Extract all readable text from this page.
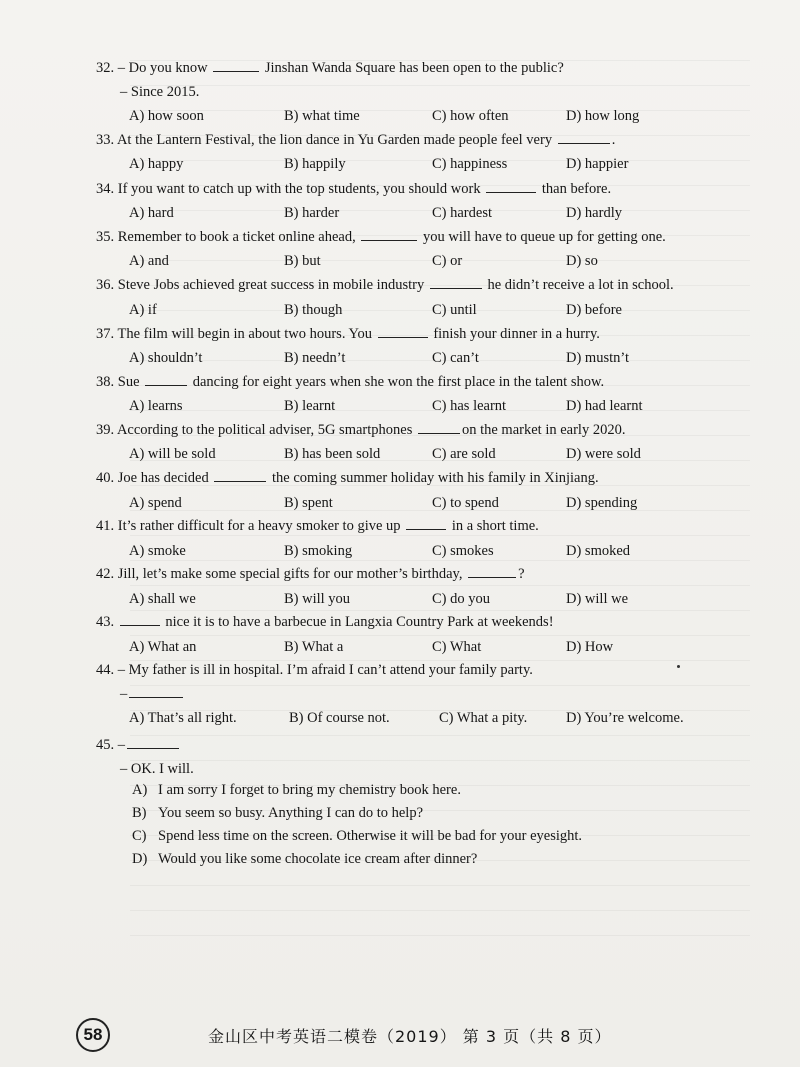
32. – Do you know	Jinshan Wanda Square has been open to the public?
– Since 2015.
A) how soon	B) what time	C) how often	D) how long
33. At the Lantern Festival, the lion dance in Yu Garden made people feel very	.
A) happy	B) happily	C) happiness	D) happier
34. If you want to catch up with the top students, you should work	than before.
A) hard	B) harder	C) hardest	D) hardly
35. Remember to book a ticket online ahead,	you will have to queue up for getting one.
A) and	B) but	C) or	D) so
36. Steve Jobs achieved great success in mobile industry	he didn’t receive a lot in school.
A) if	B) though	C) until	D) before
37. The film will begin in about two hours. You	finish your dinner in a hurry.
A) shouldn’t	B) needn’t	C) can’t	D) mustn’t
38. Sue	dancing for eight years when she won the first place in the talent show.
A) learns	B) learnt	C) has learnt	D) had learnt
39. According to the political adviser, 5G smartphones	on the market in early 2020.
A) will be sold	B) has been sold	C) are sold	D) were sold
40. Joe has decided	the coming summer holiday with his family in Xinjiang.
A) spend	B) spent	C) to spend	D) spending
41. It’s rather difficult for a heavy smoker to give up	in a short time.
A) smoke	B) smoking	C) smokes	D) smoked
42. Jill, let’s make some special gifts for our mother’s birthday,	?
A) shall we	B) will you	C) do you	D) will we
43.	nice it is to have a barbecue in Langxia Country Park at weekends!
A) What an	B) What a	C) What	D) How
44. – My father is ill in hospital. I’m afraid I can’t attend your family party.
–
A) That’s all right.	B) Of course not.	C) What a pity.	D) You’re welcome.
45. –
– OK. I will.
A) I am sorry I forget to bring my chemistry book here.
B) You seem so busy. Anything I can do to help?
C) Spend less time on the screen. Otherwise it will be bad for your eyesight.
D) Would you like some chocolate ice cream after dinner?
58	金山区中考英语二模卷（2019） 第 3 页（共 8 页）
